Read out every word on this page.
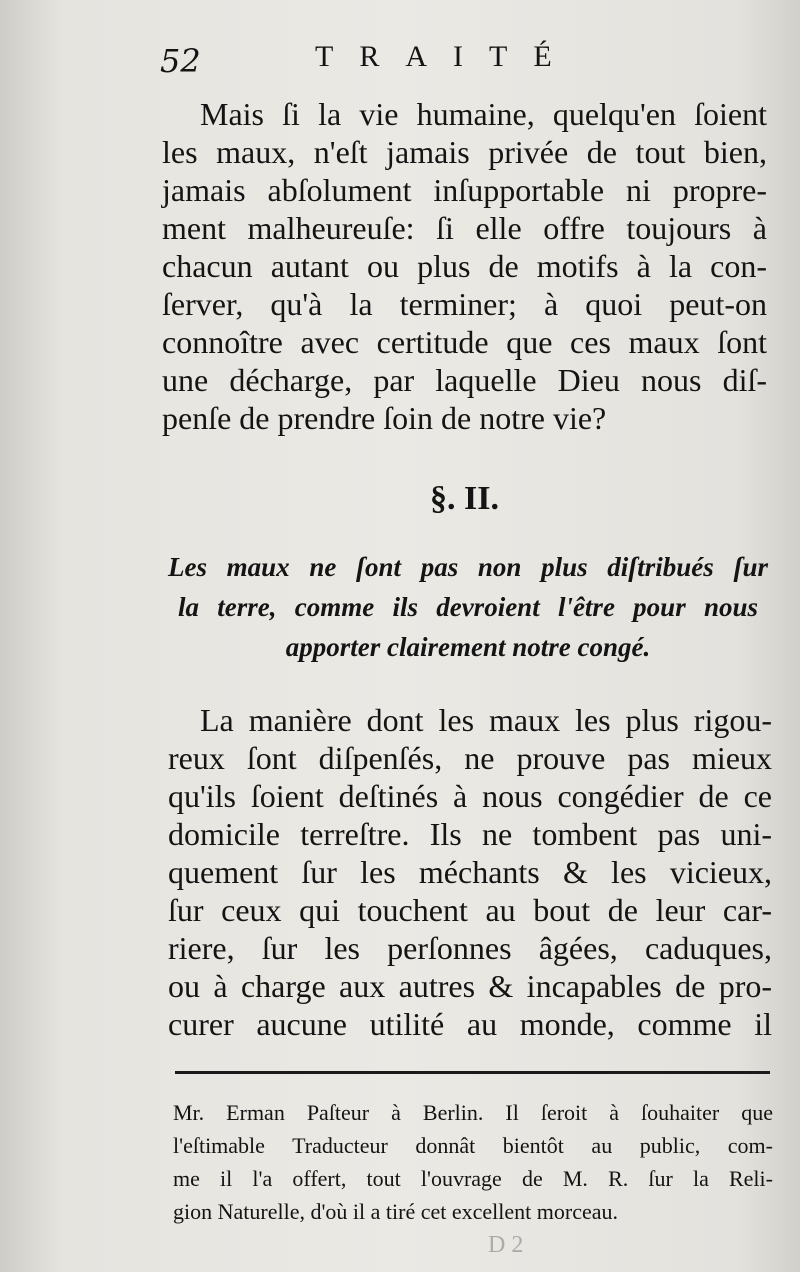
52	TRAITÉ
Mais ſi la vie humaine, quelqu'en ſoient
les maux, n'eſt jamais privée de tout bien,
jamais abſolument inſupportable ni propre-
ment malheureuſe: ſi elle offre toujours à
chacun autant ou plus de motifs à la con-
ſerver, qu'à la terminer; à quoi peut-on
connoître avec certitude que ces maux ſont
une décharge, par laquelle Dieu nous diſ-
penſe de prendre ſoin de notre vie?
§. II.
Les maux ne ſont pas non plus diſtribués ſur
la terre, comme ils devroient l'être pour nous
apporter clairement notre congé.
La manière dont les maux les plus rigou-
reux ſont diſpenſés, ne prouve pas mieux
qu'ils ſoient deſtinés à nous congédier de ce
domicile terreſtre. Ils ne tombent pas uni-
quement ſur les méchants & les vicieux,
ſur ceux qui touchent au bout de leur car-
riere, ſur les perſonnes âgées, caduques,
ou à charge aux autres & incapables de pro-
curer aucune utilité au monde, comme il
Mr. Erman Paſteur à Berlin. Il ſeroit à ſouhaiter que
l'eſtimable Traducteur donnât bientôt au public, com-
me il l'a offert, tout l'ouvrage de M. R. ſur la Reli-
gion Naturelle, d'où il a tiré cet excellent morceau.
D 2
